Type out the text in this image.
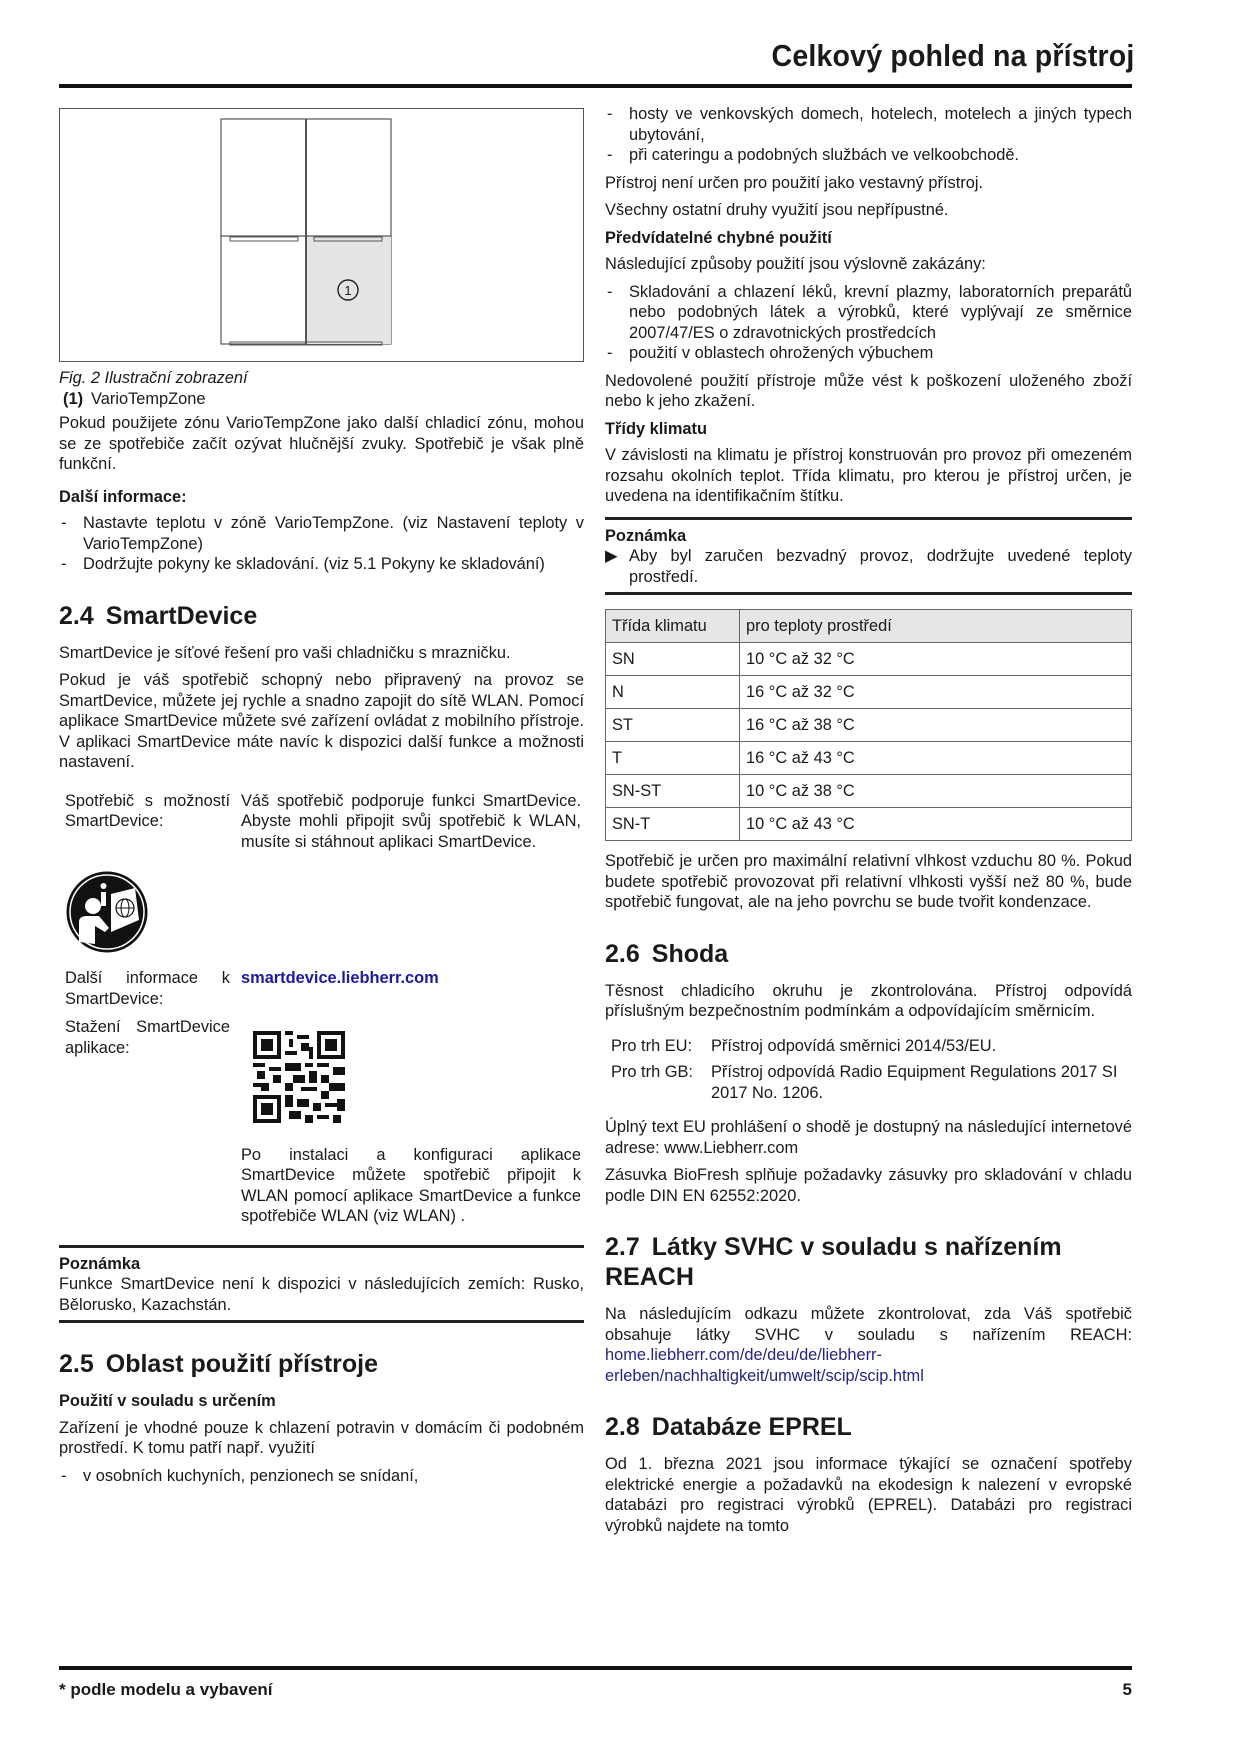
Celkový pohled na přístroj
1

Fig. 2 Ilustrační zobrazení

(1) VarioTempZone

Pokud použijete zónu VarioTempZone jako další chladicí zónu, mohou se ze spotřebiče začít ozývat hlučnější zvuky. Spotřebič je však plně funkční.

Další informace:
- Nastavte teplotu v zóně VarioTempZone. (viz Nastavení teploty v VarioTempZone)
- Dodržujte pokyny ke skladování. (viz 5.1 Pokyny ke skladování)
2.4 SmartDevice

SmartDevice je síťové řešení pro vaši chladničku s mrazničku.

Pokud je váš spotřebič schopný nebo připravený na provoz se SmartDevice, můžete jej rychle a snadno zapojit do sítě WLAN. Pomocí aplikace SmartDevice můžete své zařízení ovládat z mobilního přístroje. V aplikaci SmartDevice máte navíc k dispozici další funkce a možnosti nastavení.

Spotřebič s možností SmartDevice:
Váš spotřebič podporuje funkci SmartDevice. Abyste mohli připojit svůj spotřebič k WLAN, musíte si stáhnout aplikaci SmartDevice.
Další informace k SmartDevice:
smartdevice.liebherr.com
Stažení SmartDevice aplikace:
Po instalaci a konfiguraci aplikace SmartDevice můžete spotřebič připojit k WLAN pomocí aplikace SmartDevice a funkce spotřebiče WLAN (viz WLAN) .

Poznámka

Funkce SmartDevice není k dispozici v následujících zemích: Rusko, Bělorusko, Kazachstán.

2.5 Oblast použití přístroje
Použití v souladu s určením

Zařízení je vhodné pouze k chlazení potravin v domácím či podobném prostředí. K tomu patří např. využití

- v osobních kuchyních, penzionech se snídaní,
- hosty ve venkovských domech, hotelech, motelech a jiných typech ubytování,
- při cateringu a podobných službách ve velkoobchodě.

Přístroj není určen pro použití jako vestavný přístroj.

Všechny ostatní druhy využití jsou nepřípustné.

Předvídatelné chybné použití

Následující způsoby použití jsou výslovně zakázány:

- Skladování a chlazení léků, krevní plazmy, laboratorních preparátů nebo podobných látek a výrobků, které vyplývají ze směrnice 2007/47/ES o zdravotnických prostředcích
- použití v oblastech ohrožených výbuchem

Nedovolené použití přístroje může vést k poškození uloženého zboží nebo k jeho zkažení.

Třídy klimatu

V závislosti na klimatu je přístroj konstruován pro provoz při omezeném rozsahu okolních teplot. Třída klimatu, pro kterou je přístroj určen, je uvedena na identifikačním štítku.

Poznámka

▶ Aby byl zaručen bezvadný provoz, dodržujte uvedené teploty prostředí.
Třída klimatu	pro teploty prostředí
SN	10 °C až 32 °C
N	16 °C až 32 °C
ST	16 °C až 38 °C
T	16 °C až 43 °C
SN-ST	10 °C až 38 °C
SN-T	10 °C až 43 °C

Spotřebič je určen pro maximální relativní vlhkost vzduchu 80 %. Pokud budete spotřebič provozovat při relativní vlhkosti vyšší než 80 %, bude spotřebič fungovat, ale na jeho povrchu se bude tvořit kondenzace.

2.6 Shoda

Těsnost chladicího okruhu je zkontrolována. Přístroj odpovídá příslušným bezpečnostním podmínkám a odpovídajícím směrnicím.

Pro trh EU:	Přístroj odpovídá směrnici 2014/53/EU.
Pro trh GB:	Přístroj odpovídá Radio Equipment Regulations 2017 SI 2017 No. 1206.

Úplný text EU prohlášení o shodě je dostupný na následující internetové adrese: www.Liebherr.com

Zásuvka BioFresh splňuje požadavky zásuvky pro skladování v chladu podle DIN EN 62552:2020.

2.7 Látky SVHC v souladu s nařízením REACH

Na následujícím odkazu můžete zkontrolovat, zda Váš spotřebič obsahuje látky SVHC v souladu s nařízením REACH: home.liebherr.com/de/deu/de/liebherr-erleben/nachhaltigkeit/umwelt/scip/scip.html

2.8 Databáze EPREL

Od 1. března 2021 jsou informace týkající se označení spotřeby elektrické energie a požadavků na ekodesign k nalezení v evropské databázi pro registraci výrobků (EPREL). Databázi pro registraci výrobků najdete na tomto

* podle modelu a vybavení	5
